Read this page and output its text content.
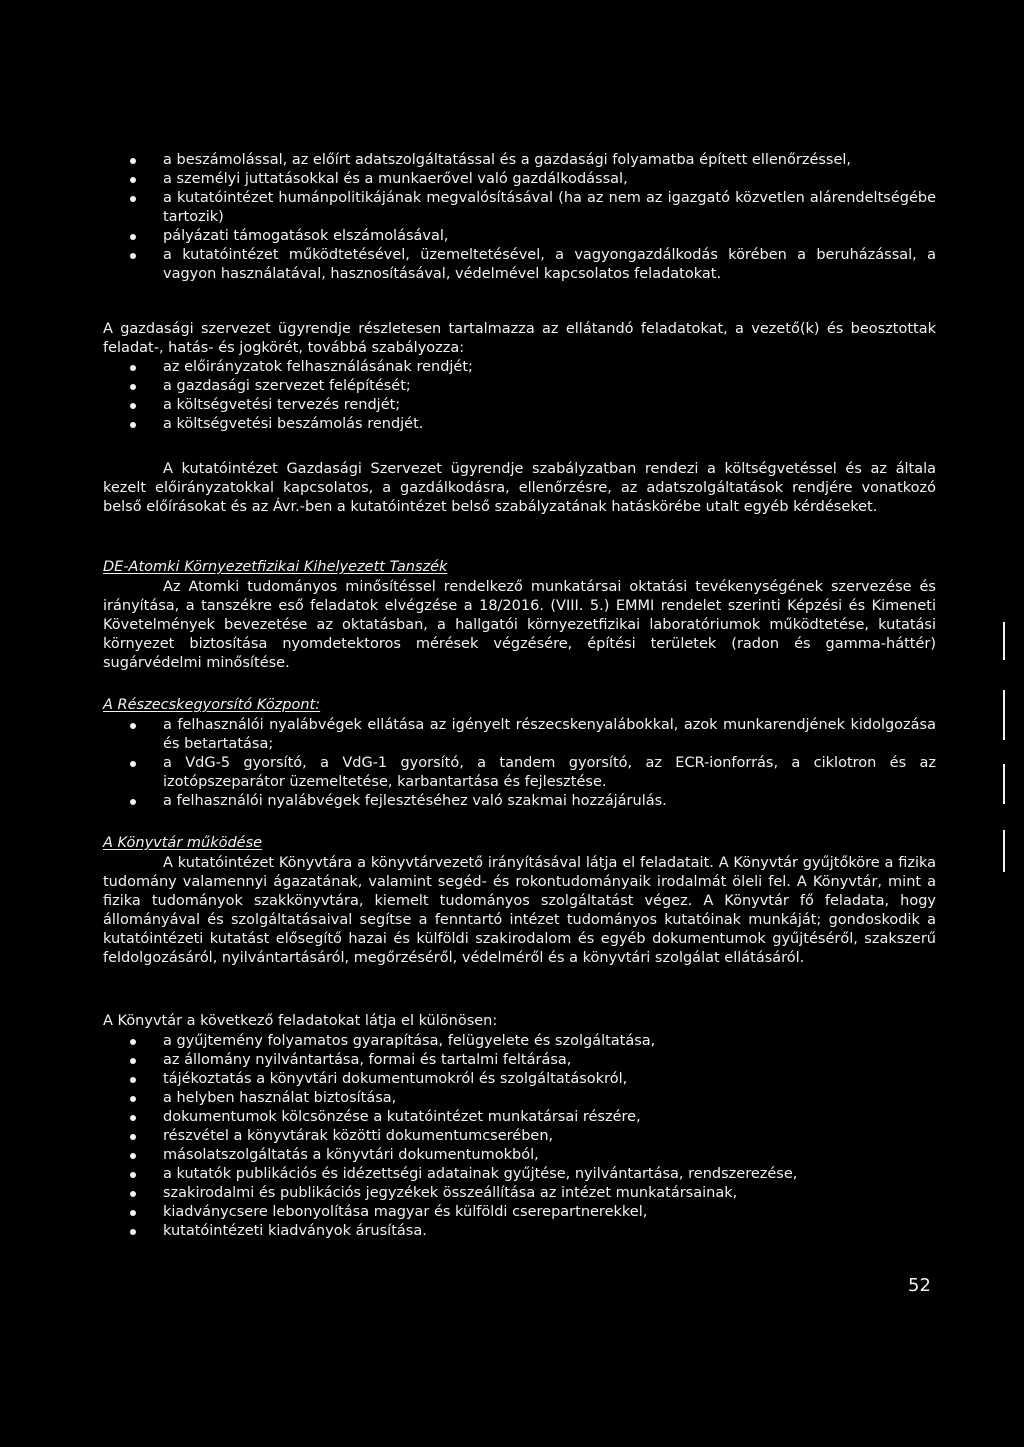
a beszámolással, az előírt adatszolgáltatással és a gazdasági folyamatba épített ellenőrzéssel,
a személyi juttatásokkal és a munkaerővel való gazdálkodással,
a kutatóintézet humánpolitikájának megvalósításával (ha az nem az igazgató közvetlen alárendeltségébe tartozik)
pályázati támogatások elszámolásával,
a kutatóintézet működtetésével, üzemeltetésével, a vagyongazdálkodás körében a beruházással, a vagyon használatával, hasznosításával, védelmével kapcsolatos feladatokat.

A gazdasági szervezet ügyrendje részletesen tartalmazza az ellátandó feladatokat, a vezető(k) és beosztottak feladat-, hatás- és jogkörét, továbbá szabályozza:

az előirányzatok felhasználásának rendjét;
a gazdasági szervezet felépítését;
a költségvetési tervezés rendjét;
a költségvetési beszámolás rendjét.

A kutatóintézet Gazdasági Szervezet ügyrendje szabályzatban rendezi a költségvetéssel és az általa kezelt előirányzatokkal kapcsolatos, a gazdálkodásra, ellenőrzésre, az adatszolgáltatások rendjére vonatkozó belső előírásokat és az Ávr.-ben a kutatóintézet belső szabályzatának hatáskörébe utalt egyéb kérdéseket.

DE-Atomki Környezetfizikai Kihelyezett Tanszék

Az Atomki tudományos minősítéssel rendelkező munkatársai oktatási tevékenységének szervezése és irányítása, a tanszékre eső feladatok elvégzése a 18/2016. (VIII. 5.) EMMI rendelet szerinti Képzési és Kimeneti Követelmények bevezetése az oktatásban, a hallgatói környezetfizikai laboratóriumok működtetése, kutatási környezet biztosítása nyomdetektoros mérések végzésére, építési területek (radon és gamma-háttér) sugárvédelmi minősítése.

A Részecskegyorsító Központ:

a felhasználói nyalábvégek ellátása az igényelt részecskenyalábokkal, azok munkarendjének kidolgozása és betartatása;
a VdG-5 gyorsító, a VdG-1 gyorsító, a tandem gyorsító, az ECR-ionforrás, a ciklotron és az izotópszeparátor üzemeltetése, karbantartása és fejlesztése.
a felhasználói nyalábvégek fejlesztéséhez való szakmai hozzájárulás.

A Könyvtár működése

A kutatóintézet Könyvtára a könyvtárvezető irányításával látja el feladatait. A Könyvtár gyűjtőköre a fizika tudomány valamennyi ágazatának, valamint segéd- és rokontudományaik irodalmát öleli fel. A Könyvtár, mint a fizika tudományok szakkönyvtára, kiemelt tudományos szolgáltatást végez. A Könyvtár fő feladata, hogy állományával és szolgáltatásaival segítse a fenntartó intézet tudományos kutatóinak munkáját; gondoskodik a kutatóintézeti kutatást elősegítő hazai és külföldi szakirodalom és egyéb dokumentumok gyűjtéséről, szakszerű feldolgozásáról, nyilvántartásáról, megőrzéséről, védelméről és a könyvtári szolgálat ellátásáról.

A Könyvtár a következő feladatokat látja el különösen:

a gyűjtemény folyamatos gyarapítása, felügyelete és szolgáltatása,
az állomány nyilvántartása, formai és tartalmi feltárása,
tájékoztatás a könyvtári dokumentumokról és szolgáltatásokról,
a helyben használat biztosítása,
dokumentumok kölcsönzése a kutatóintézet munkatársai részére,
részvétel a könyvtárak közötti dokumentumcserében,
másolatszolgáltatás a könyvtári dokumentumokból,
a kutatók publikációs és idézettségi adatainak gyűjtése, nyilvántartása, rendszerezése,
szakirodalmi és publikációs jegyzékek összeállítása az intézet munkatársainak,
kiadványcsere lebonyolítása magyar és külföldi cserepartnerekkel,
kutatóintézeti kiadványok árusítása.
52
